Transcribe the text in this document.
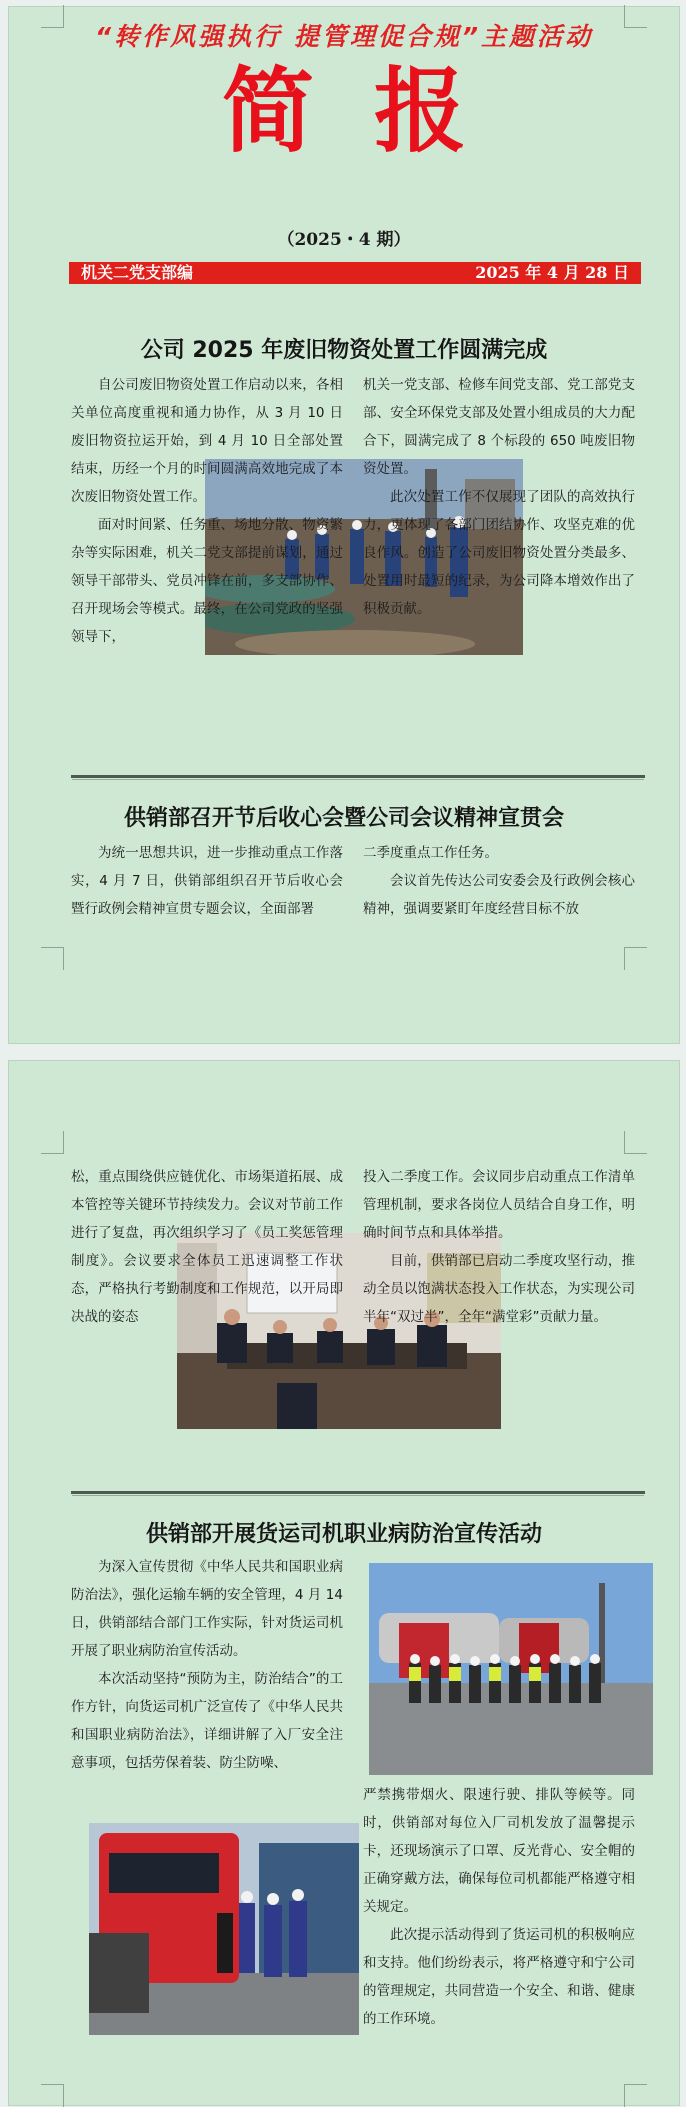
“转作风强执行 提管理促合规”主题活动
简报
（2025・4 期）
机关二党支部编	2025 年 4 月 28 日
公司 2025 年废旧物资处置工作圆满完成

自公司废旧物资处置工作启动以来，各相关单位高度重视和通力协作，从 3 月 10 日废旧物资拉运开始，到 4 月 10 日全部处置结束，历经一个月的时间圆满高效地完成了本次废旧物资处置工作。

面对时间紧、任务重、场地分散、物资繁杂等实际困难，机关二党支部提前谋划，通过领导干部带头、党员冲锋在前，多支部协作、召开现场会等模式。最终，在公司党政的坚强领导下，

机关一党支部、检修车间党支部、党工部党支部、安全环保党支部及处置小组成员的大力配合下，圆满完成了 8 个标段的 650 吨废旧物资处置。

此次处置工作不仅展现了团队的高效执行力，更体现了各部门团结协作、攻坚克难的优良作风。创造了公司废旧物资处置分类最多、处置用时最短的纪录，为公司降本增效作出了积极贡献。

供销部召开节后收心会暨公司会议精神宣贯会

为统一思想共识，进一步推动重点工作落实，4 月 7 日，供销部组织召开节后收心会暨行政例会精神宣贯专题会议，全面部署

二季度重点工作任务。

会议首先传达公司安委会及行政例会核心精神，强调要紧盯年度经营目标不放

松，重点围绕供应链优化、市场渠道拓展、成本管控等关键环节持续发力。会议对节前工作进行了复盘，再次组织学习了《员工奖惩管理制度》。会议要求全体员工迅速调整工作状态，严格执行考勤制度和工作规范，以开局即决战的姿态

投入二季度工作。会议同步启动重点工作清单管理机制，要求各岗位人员结合自身工作，明确时间节点和具体举措。

目前，供销部已启动二季度攻坚行动，推动全员以饱满状态投入工作状态，为实现公司半年“双过半”，全年“满堂彩”贡献力量。

供销部开展货运司机职业病防治宣传活动

为深入宣传贯彻《中华人民共和国职业病防治法》，强化运输车辆的安全管理，4 月 14 日，供销部结合部门工作实际，针对货运司机开展了职业病防治宣传活动。

本次活动坚持“预防为主，防治结合”的工作方针，向货运司机广泛宣传了《中华人民共和国职业病防治法》，详细讲解了入厂安全注意事项，包括劳保着装、防尘防噪、

严禁携带烟火、限速行驶、排队等候等。同时，供销部对每位入厂司机发放了温馨提示卡，还现场演示了口罩、反光背心、安全帽的正确穿戴方法，确保每位司机都能严格遵守相关规定。

此次提示活动得到了货运司机的积极响应和支持。他们纷纷表示，将严格遵守和宁公司的管理规定，共同营造一个安全、和谐、健康的工作环境。
